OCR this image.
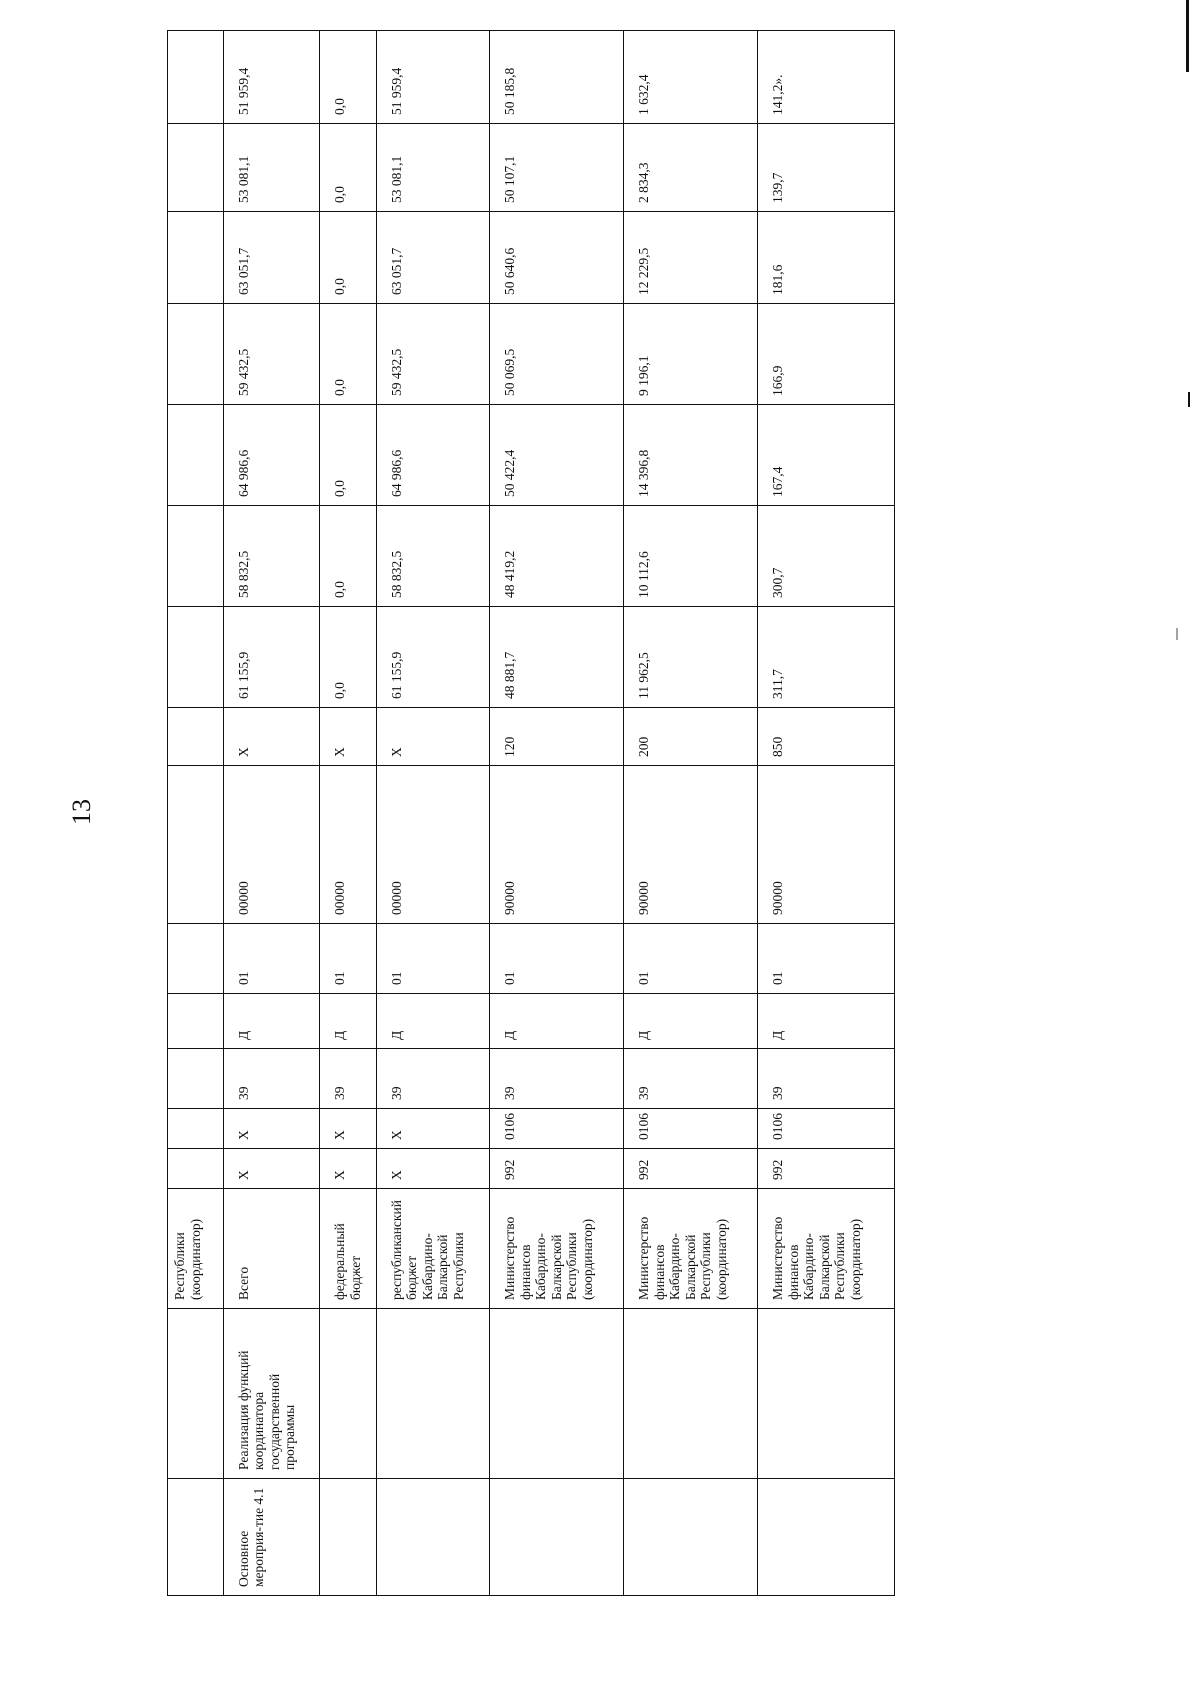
13
		Республики (координатор)														
Основное мероприя-тие 4.1	Реализация функций координатора государственной программы	Всего	X	X	39	Д	01	00000	X	61 155,9	58 832,5	64 986,6	59 432,5	63 051,7	53 081,1	51 959,4
		федеральный бюджет	X	X	39	Д	01	00000	X	0,0	0,0	0,0	0,0	0,0	0,0	0,0
		республиканский бюджет Кабардино-Балкарской Республики	X	X	39	Д	01	00000	X	61 155,9	58 832,5	64 986,6	59 432,5	63 051,7	53 081,1	51 959,4
		Министерство финансов Кабардино-Балкарской Республики (координатор)	992	0106	39	Д	01	90000	120	48 881,7	48 419,2	50 422,4	50 069,5	50 640,6	50 107,1	50 185,8
		Министерство финансов Кабардино-Балкарской Республики (координатор)	992	0106	39	Д	01	90000	200	11 962,5	10 112,6	14 396,8	9 196,1	12 229,5	2 834,3	1 632,4
		Министерство финансов Кабардино-Балкарской Республики (координатор)	992	0106	39	Д	01	90000	850	311,7	300,7	167,4	166,9	181,6	139,7	141,2».
